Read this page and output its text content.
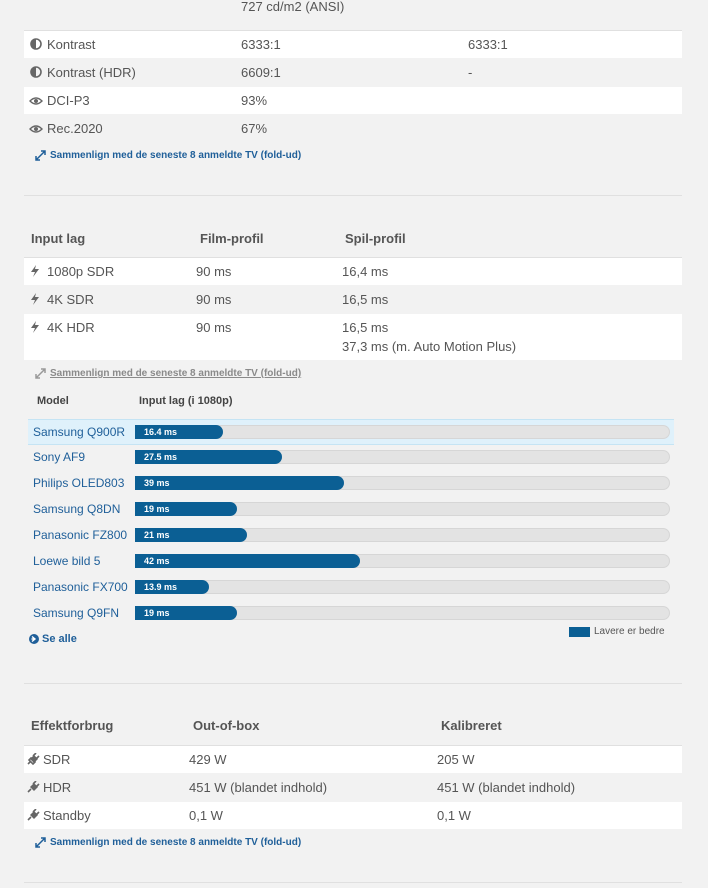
727 cd/m2 (ANSI)
Kontrast	6333:1	6333:1
Kontrast (HDR)	6609:1	-
DCI-P3	93%
Rec.2020	67%
Sammenlign med de seneste 8 anmeldte TV (fold-ud)
Input lag	Film-profil	Spil-profil
1080p SDR	90 ms	16,4 ms
4K SDR	90 ms	16,5 ms
4K HDR	90 ms	16,5 ms
37,3 ms (m. Auto Motion Plus)
Sammenlign med de seneste 8 anmeldte TV (fold-ud)
Model	Input lag (i 1080p)
Samsung Q900R 16.4 ms
Sony AF9	27.5 ms
Philips OLED803 39 ms
Samsung Q8DN	19 ms
Panasonic FZ800 21 ms
Loewe bild 5	42 ms
Panasonic FX700 13.9 ms
Samsung Q9FN	19 ms
Lavere er bedre
Se alle
Effektforbrug	Out-of-box	Kalibreret
SDR	429 W	205 W
HDR	451 W (blandet indhold)	451 W (blandet indhold)
Standby	0,1 W	0,1 W
Sammenlign med de seneste 8 anmeldte TV (fold-ud)
